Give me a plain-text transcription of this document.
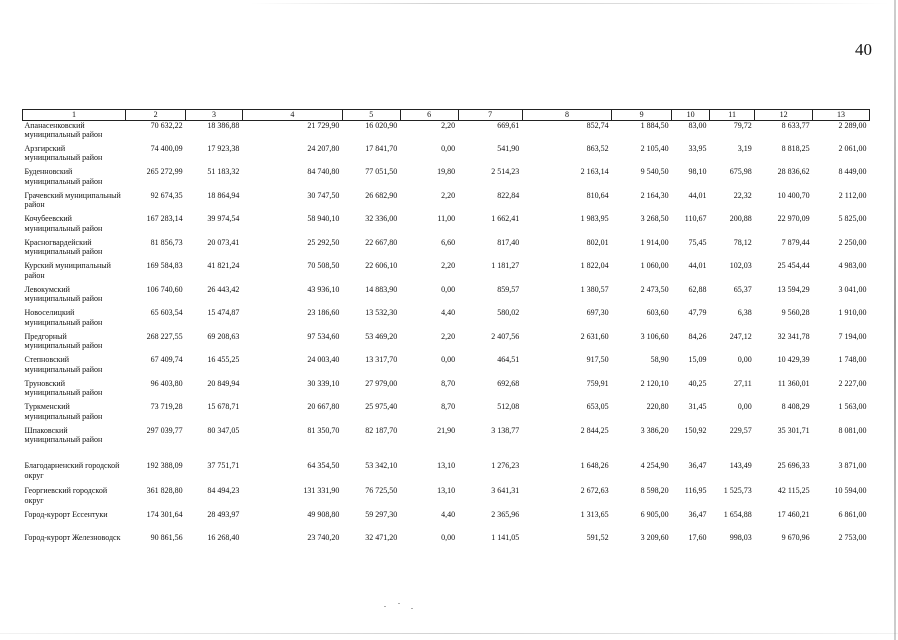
40
1	2	3	4	5	6	7	8	9	10	11	12	13
Апанасенковский муниципальный район	70 632,22	18 386,88	21 729,90	16 020,90	2,20	669,61	852,74	1 884,50	83,00	79,72	8 633,77	2 289,00
Арзгирский муниципальный район	74 400,09	17 923,38	24 207,80	17 841,70	0,00	541,90	863,52	2 105,40	33,95	3,19	8 818,25	2 061,00
Буденновский муниципальный район	265 272,99	51 183,32	84 740,80	77 051,50	19,80	2 514,23	2 163,14	9 540,50	98,10	675,98	28 836,62	8 449,00
Грачевский муниципальный район	92 674,35	18 864,94	30 747,50	26 682,90	2,20	822,84	810,64	2 164,30	44,01	22,32	10 400,70	2 112,00
Кочубеевский муниципальный район	167 283,14	39 974,54	58 940,10	32 336,00	11,00	1 662,41	1 983,95	3 268,50	110,67	200,88	22 970,09	5 825,00
Красногвардейский муниципальный район	81 856,73	20 073,41	25 292,50	22 667,80	6,60	817,40	802,01	1 914,00	75,45	78,12	7 879,44	2 250,00
Курский муниципальный район	169 584,83	41 821,24	70 508,50	22 606,10	2,20	1 181,27	1 822,04	1 060,00	44,01	102,03	25 454,44	4 983,00
Левокумский муниципальный район	106 740,60	26 443,42	43 936,10	14 883,90	0,00	859,57	1 380,57	2 473,50	62,88	65,37	13 594,29	3 041,00
Новоселицкий муниципальный район	65 603,54	15 474,87	23 186,60	13 532,30	4,40	580,02	697,30	603,60	47,79	6,38	9 560,28	1 910,00
Предгорный муниципальный район	268 227,55	69 208,63	97 534,60	53 469,20	2,20	2 407,56	2 631,60	3 106,60	84,26	247,12	32 341,78	7 194,00
Степновский муниципальный район	67 409,74	16 455,25	24 003,40	13 317,70	0,00	464,51	917,50	58,90	15,09	0,00	10 429,39	1 748,00
Труновский муниципальный район	96 403,80	20 849,94	30 339,10	27 979,00	8,70	692,68	759,91	2 120,10	40,25	27,11	11 360,01	2 227,00
Туркменский муниципальный район	73 719,28	15 678,71	20 667,80	25 975,40	8,70	512,08	653,05	220,80	31,45	0,00	8 408,29	1 563,00
Шпаковский муниципальный район	297 039,77	80 347,05	81 350,70	82 187,70	21,90	3 138,77	2 844,25	3 386,20	150,92	229,57	35 301,71	8 081,00
Благодарненский городской округ	192 388,09	37 751,71	64 354,50	53 342,10	13,10	1 276,23	1 648,26	4 254,90	36,47	143,49	25 696,33	3 871,00
Георгиевский городской округ	361 828,80	84 494,23	131 331,90	76 725,50	13,10	3 641,31	2 672,63	8 598,20	116,95	1 525,73	42 115,25	10 594,00
Город-курорт Ессентуки	174 301,64	28 493,97	49 908,80	59 297,30	4,40	2 365,96	1 313,65	6 905,00	36,47	1 654,88	17 460,21	6 861,00
Город-курорт Железноводск	90 861,56	16 268,40	23 740,20	32 471,20	0,00	1 141,05	591,52	3 209,60	17,60	998,03	9 670,96	2 753,00
